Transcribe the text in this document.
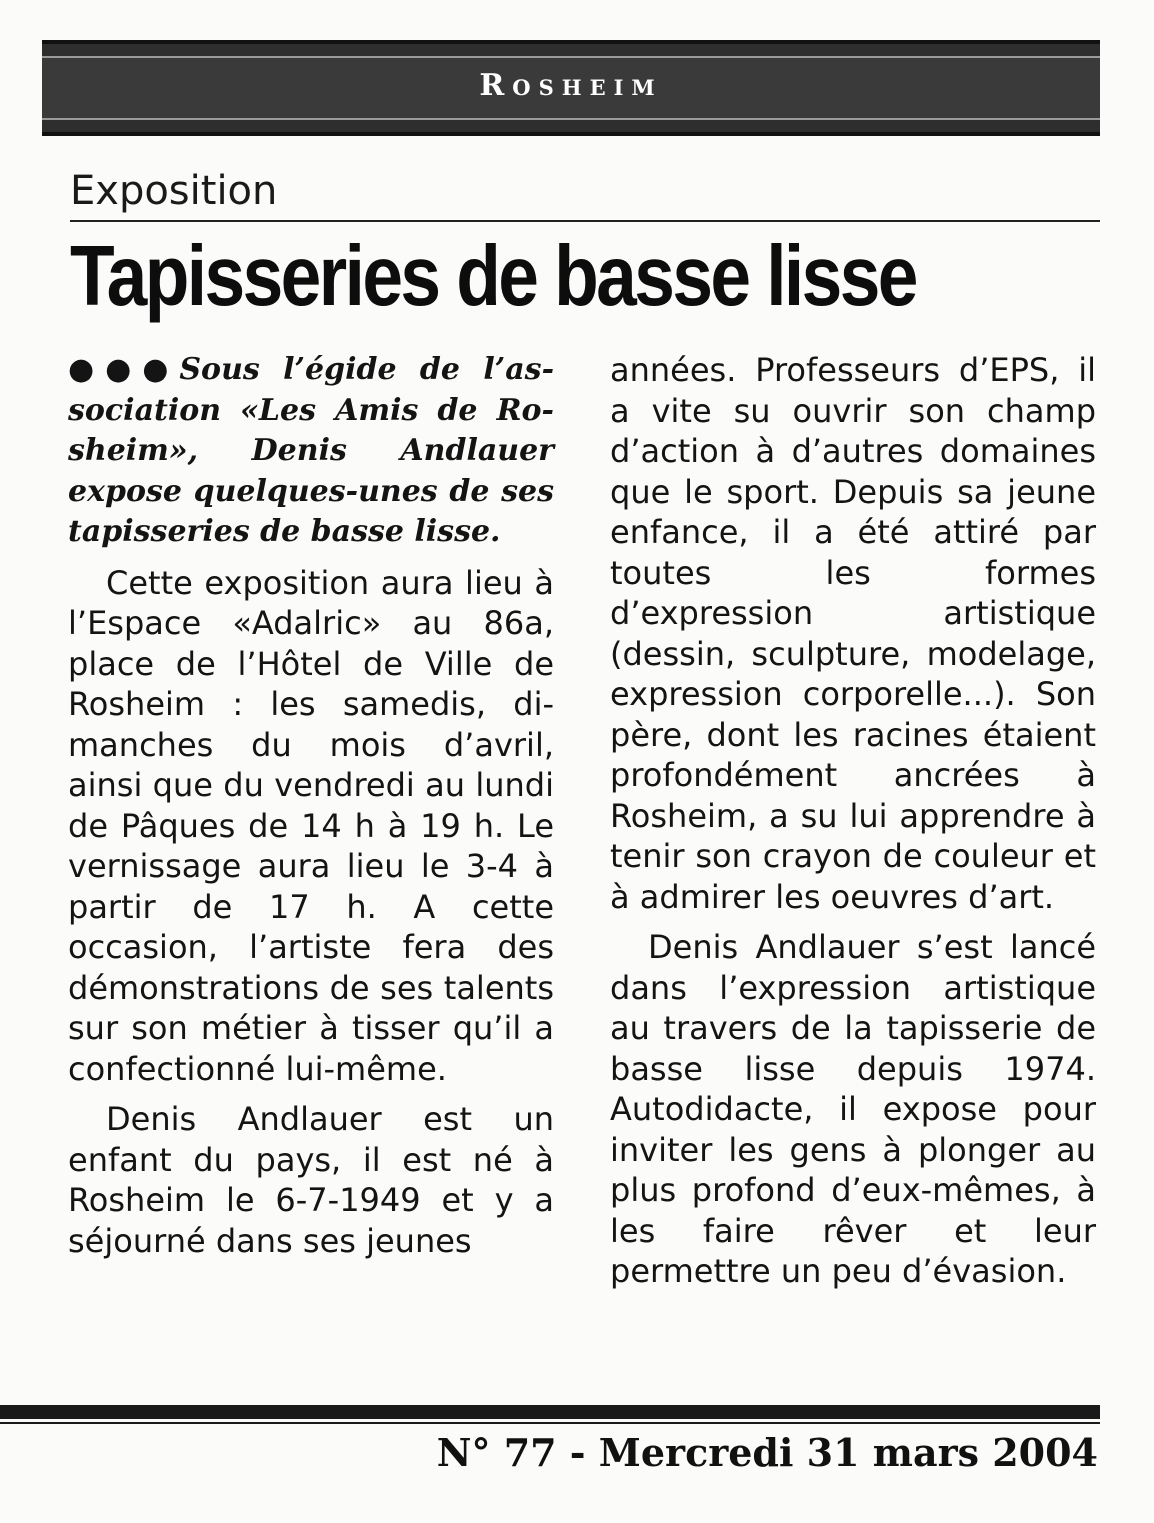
Rosheim
Exposition
Tapisseries de basse lisse

●●●Sous l’égide de l’association «Les Amis de Rosheim», Denis Andlauer expose quelques-unes de ses tapisseries de basse lisse.

Cette exposition aura lieu à l’Espace «Adalric» au 86a, place de l’Hôtel de Ville de Rosheim : les samedis, dimanches du mois d’avril, ainsi que du vendredi au lundi de Pâques de 14 h à 19 h. Le vernissage aura lieu le 3-4 à partir de 17 h. A cette occasion, l’artiste fera des démonstrations de ses talents sur son métier à tisser qu’il a confectionné lui-même.

Denis Andlauer est un enfant du pays, il est né à Rosheim le 6-7-1949 et y a séjourné dans ses jeunes

années. Professeurs d’EPS, il a vite su ouvrir son champ d’action à d’autres domaines que le sport. Depuis sa jeune enfance, il a été attiré par toutes les formes d’expression artistique (dessin, sculpture, modelage, expression corporelle...). Son père, dont les racines étaient profondément ancrées à Rosheim, a su lui apprendre à tenir son crayon de couleur et à admirer les oeuvres d’art.

Denis Andlauer s’est lancé dans l’expression artistique au travers de la tapisserie de basse lisse depuis 1974. Autodidacte, il expose pour inviter les gens à plonger au plus profond d’eux-mêmes, à les faire rêver et leur permettre un peu d’évasion.

N° 77 - Mercredi 31 mars 2004
